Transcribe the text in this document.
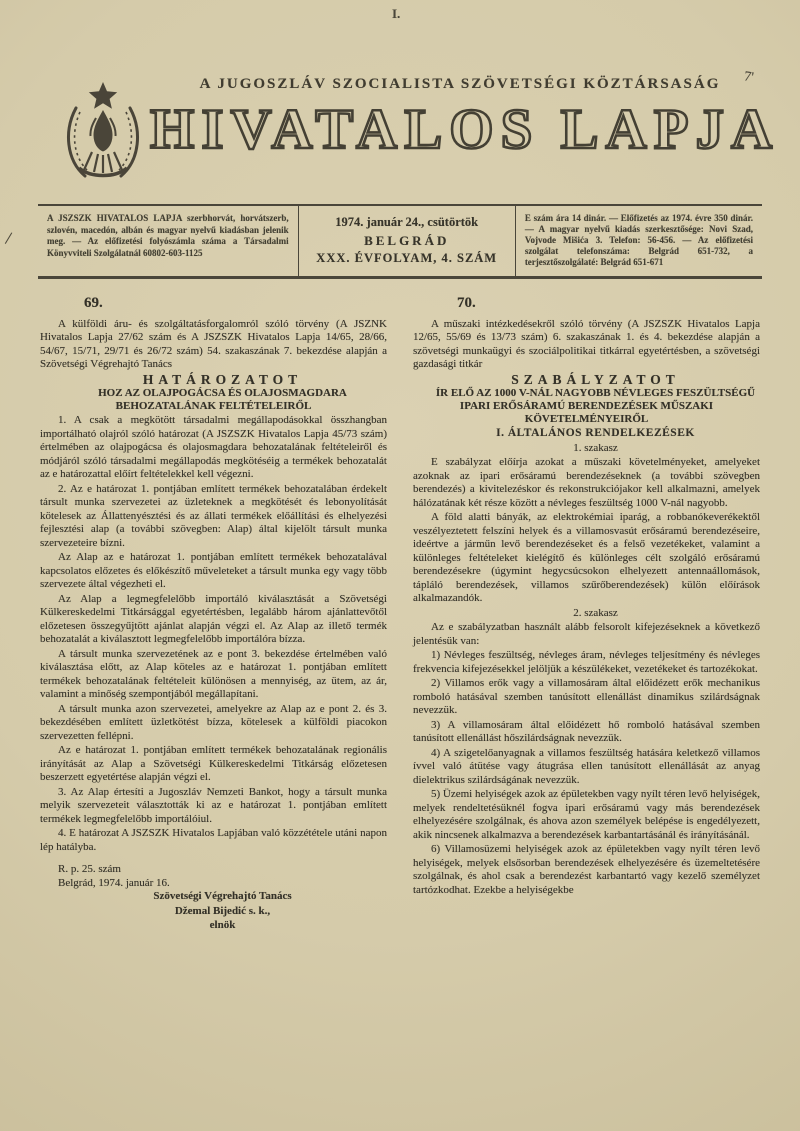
I.
7'
/
A JUGOSZLÁV SZOCIALISTA SZÖVETSÉGI KÖZTÁRSASÁG
HIVATALOS LAPJA
A JSZSZK HIVATALOS LAPJA szerbhorvát, horvátszerb, szlovén, macedón, albán és magyar nyelvű kiadásban jelenik meg. — Az előfizetési folyószámla száma a Társadalmi Könyvviteli Szolgálatnál 60802-603-1125
1974. január 24., csütörtök
BELGRÁD
XXX. ÉVFOLYAM, 4. SZÁM
E szám ára 14 dinár. — Előfizetés az 1974. évre 350 dinár. — A magyar nyelvű kiadás szerkesztősége: Novi Szad, Vojvode Mišića 3. Telefon: 56-456. — Az előfizetési szolgálat telefonszáma: Belgrád 651-732, a terjesztőszolgálaté: Belgrád 651-671
69.

A külföldi áru- és szolgáltatásforgalomról szóló törvény (A JSZNK Hivatalos Lapja 27/62 szám és A JSZSZK Hivatalos Lapja 14/65, 28/66, 54/67, 15/71, 29/71 és 26/72 szám) 54. szakaszának 7. bekezdése alapján a Szövetségi Végrehajtó Tanács

HATÁROZATOT

HOZ AZ OLAJPOGÁCSA ÉS OLAJOSMAGDARA BEHOZATALÁNAK FELTÉTELEIRŐL

1. A csak a megkötött társadalmi megállapodásokkal összhangban importálható olajról szóló határozat (A JSZSZK Hivatalos Lapja 45/73 szám) értelmében az olajpogácsa és olajosmagdara behozatalának feltételeiről és módjáról szóló társadalmi megállapodás megkötéséig a termékek behozatalát az e határozattal előírt feltételekkel kell végezni.

2. Az e határozat 1. pontjában említett termékek behozatalában érdekelt társult munka szervezetei az üzleteknek a megkötését és lebonyolítását kötelesek az Állattenyésztési és az állati termékek előállítási és elhelyezési fejlesztési alap (a további szövegben: Alap) által kijelölt társult munka szervezeteire bízni.

Az Alap az e határozat 1. pontjában említett termékek behozatalával kapcsolatos előzetes és előkészítő műveleteket a társult munka egy vagy több szervezete által végezheti el.

Az Alap a legmegfelelőbb importáló kiválasztását a Szövetségi Külkereskedelmi Titkársággal egyetértésben, legalább három ajánlattevőtől előzetesen összegyűjtött ajánlat alapján végzi el. Az Alap az illető termék behozatalát a kiválasztott legmegfelelőbb importálóra bízza.

A társult munka szervezetének az e pont 3. bekezdése értelmében való kiválasztása előtt, az Alap köteles az e határozat 1. pontjában említett termékek behozatalának feltételeit különösen a mennyiség, az ütem, az ár, valamint a minőség szempontjából megállapítani.

A társult munka azon szervezetei, amelyekre az Alap az e pont 2. és 3. bekezdésében említett üzletkötést bízza, kötelesek a külföldi piacokon szervezetten fellépni.

Az e határozat 1. pontjában említett termékek behozatalának regionális irányítását az Alap a Szövetségi Külkereskedelmi Titkárság előzetesen beszerzett egyetértése alapján végzi el.

3. Az Alap értesíti a Jugoszláv Nemzeti Bankot, hogy a társult munka melyik szervezeteit választották ki az e határozat 1. pontjában említett termékek legmegfelelőbb importálóiul.

4. E határozat A JSZSZK Hivatalos Lapjában való közzététele utáni napon lép hatályba.

R. p. 25. szám

Belgrád, 1974. január 16.

Szövetségi Végrehajtó Tanács

Džemal Bijedić s. k.,

elnök

70.

A műszaki intézkedésekről szóló törvény (A JSZSZK Hivatalos Lapja 12/65, 55/69 és 13/73 szám) 6. szakaszának 1. és 4. bekezdése alapján a szövetségi munkaügyi és szociálpolitikai titkárral egyetértésben, a szövetségi gazdasági titkár

SZABÁLYZATOT

ÍR ELŐ AZ 1000 V-NÁL NAGYOBB NÉVLEGES FESZÜLTSÉGŰ IPARI ERŐSÁRAMÚ BERENDEZÉSEK MŰSZAKI KÖVETELMÉNYEIRŐL

I. ÁLTALÁNOS RENDELKEZÉSEK

1. szakasz

E szabályzat előírja azokat a műszaki követelményeket, amelyeket azoknak az ipari erősáramú berendezéseknek (a további szövegben berendezés) a kivitelezéskor és rekonstrukciójakor kell alkalmazni, amelyek hálózatának két része között a névleges feszültség 1000 V-nál nagyobb.

A föld alatti bányák, az elektrokémiai iparág, a robbanókeverékektől veszélyeztetett felszíni helyek és a villamosvasút erősáramú berendezéseire, ideértve a járműn levő berendezéseket és a felső vezetékeket, valamint a különleges feltételeket kielégítő és különleges célt szolgáló erősáramú berendezésekre (úgymint hegycsúcsokon elhelyezett antennaállomások, tápláló berendezések, villamos szűrőberendezések) külön előírások alkalmazandók.

2. szakasz

Az e szabályzatban használt alább felsorolt kifejezéseknek a következő jelentésük van:

1) Névleges feszültség, névleges áram, névleges teljesítmény és névleges frekvencia kifejezésekkel jelöljük a készülékeket, vezetékeket és tartozékokat.

2) Villamos erők vagy a villamosáram által előidézett erők mechanikus romboló hatásával szemben tanúsított ellenállást dinamikus szilárdságnak nevezzük.

3) A villamosáram által előidézett hő romboló hatásával szemben tanúsított ellenállást hőszilárdságnak nevezzük.

4) A szigetelőanyagnak a villamos feszültség hatására keletkező villamos ívvel való átütése vagy átugrása ellen tanúsított ellenállását az anyag dielektrikus szilárdságának nevezzük.

5) Üzemi helyiségek azok az épületekben vagy nyílt téren levő helyiségek, melyek rendeltetésüknél fogva ipari erősáramú vagy más berendezések elhelyezésére szolgálnak, és ahova azon személyek belépése is engedélyezett, akik nincsenek alkalmazva a berendezések karbantartásánál és irányításánál.

6) Villamosüzemi helyiségek azok az épületekben vagy nyílt téren levő helyiségek, melyek elsősorban berendezések elhelyezésére és üzemeltetésére szolgálnak, és ahol csak a berendezést karbantartó vagy kezelő személyzet tartózkodhat. Ezekbe a helyiségekbe
